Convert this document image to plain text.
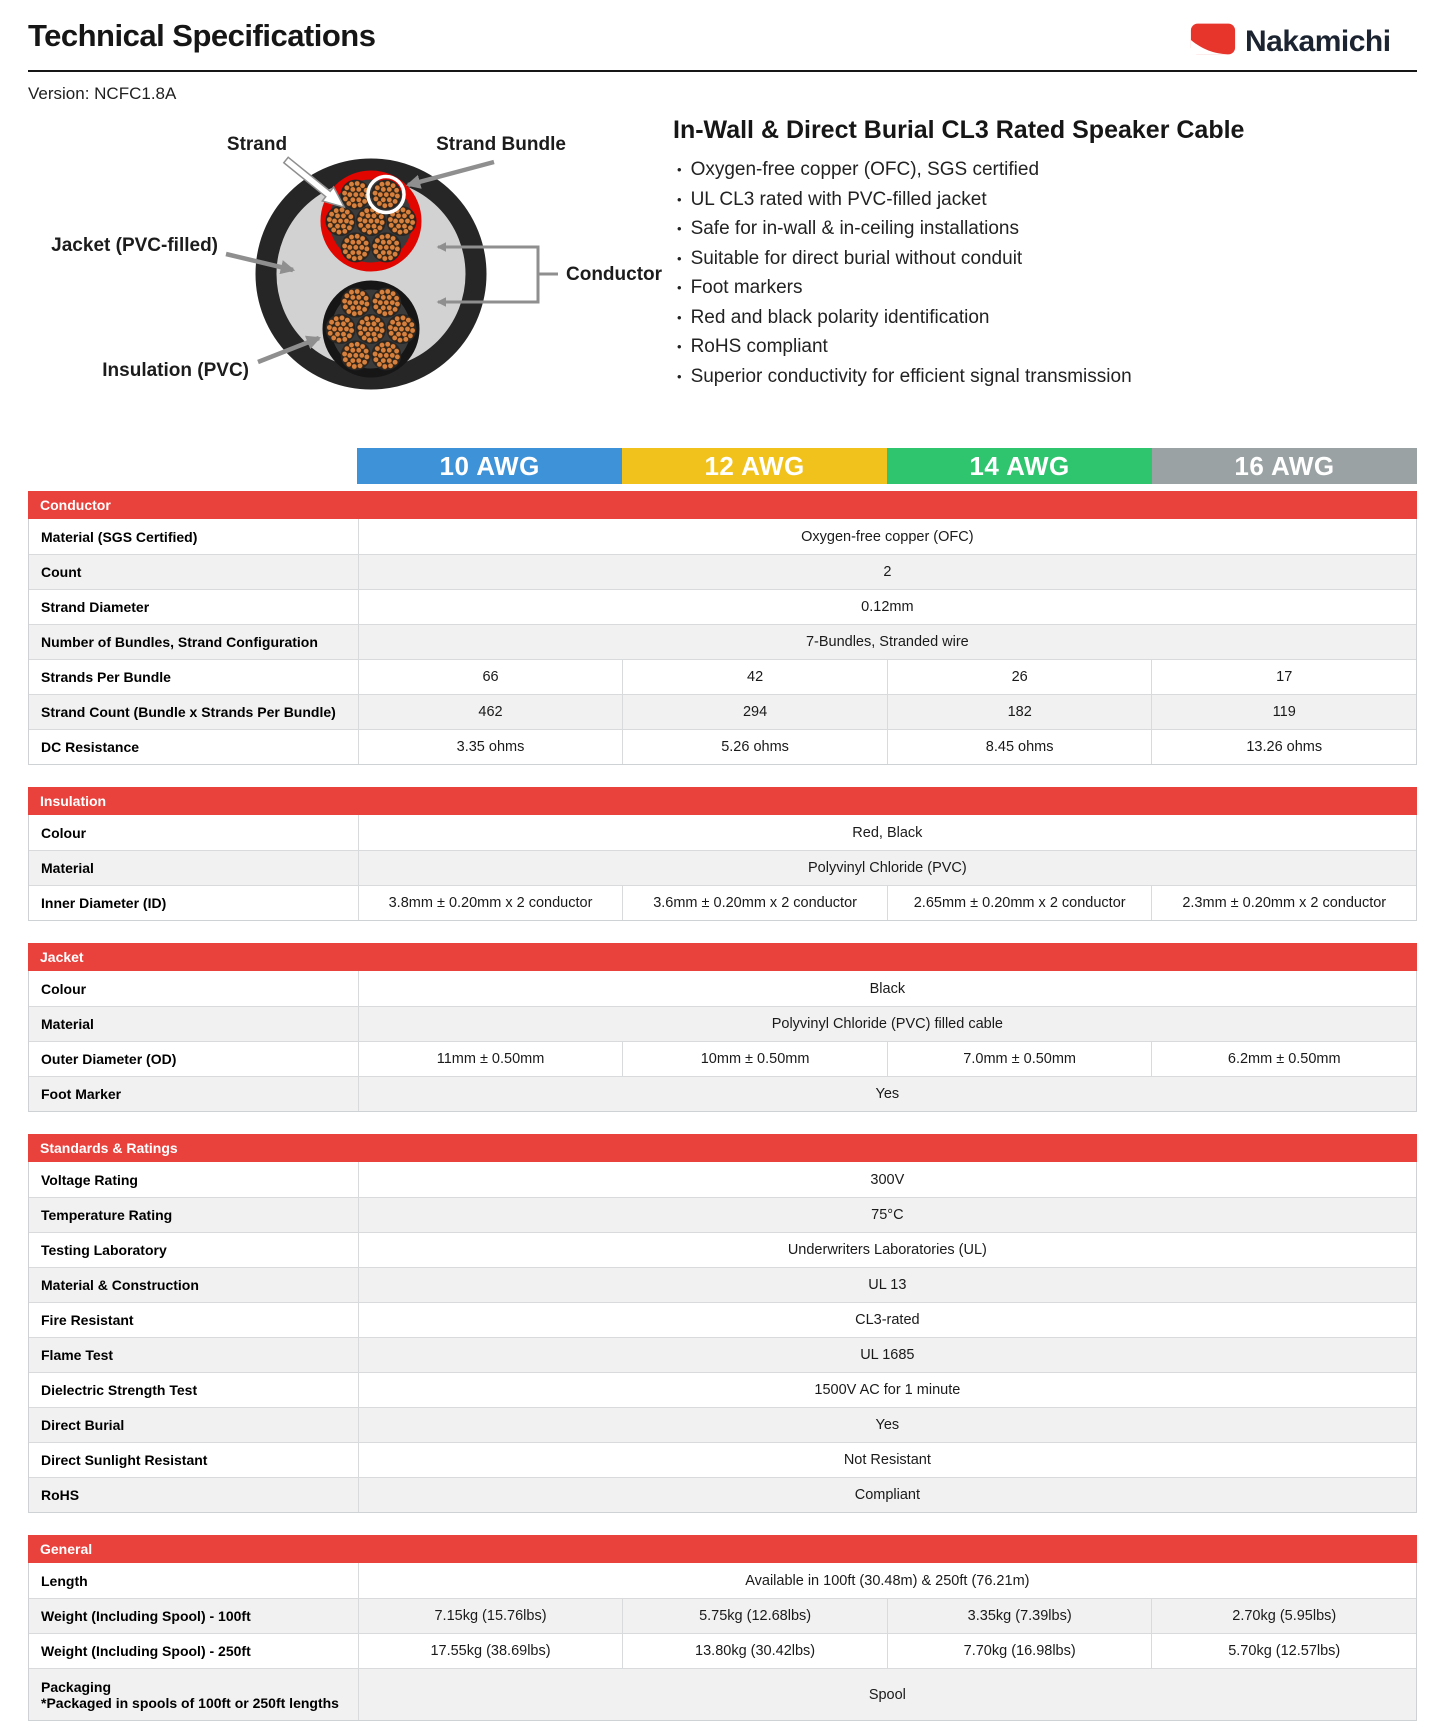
Technical Specifications	Nakamichi
Version: NCFC1.8A
Strand	Strand Bundle
Jacket (PVC-filled)
Insulation (PVC)
Conductor
In-Wall & Direct Burial CL3 Rated Speaker Cable
• Oxygen-free copper (OFC), SGS certified
• UL CL3 rated with PVC-filled jacket
• Safe for in-wall & in-ceiling installations
• Suitable for direct burial without conduit
• Foot markers
• Red and black polarity identification
• RoHS compliant
• Superior conductivity for efficient signal transmission
10 AWG	12 AWG	14 AWG	16 AWG
Conductor
Material (SGS Certified)	Oxygen-free copper (OFC)
Count	2
Strand Diameter	0.12mm
Number of Bundles, Strand Configuration	7-Bundles, Stranded wire
Strands Per Bundle	66	42	26	17
Strand Count (Bundle x Strands Per Bundle)	462	294	182	119
DC Resistance	3.35 ohms	5.26 ohms	8.45 ohms	13.26 ohms
Insulation
Colour	Red, Black
Material	Polyvinyl Chloride (PVC)
Inner Diameter (ID)	3.8mm ± 0.20mm x 2 conductor	3.6mm ± 0.20mm x 2 conductor	2.65mm ± 0.20mm x 2 conductor	2.3mm ± 0.20mm x 2 conductor
Jacket
Colour	Black
Material	Polyvinyl Chloride (PVC) filled cable
Outer Diameter (OD)	11mm ± 0.50mm	10mm ± 0.50mm	7.0mm ± 0.50mm	6.2mm ± 0.50mm
Foot Marker	Yes
Standards & Ratings
Voltage Rating	300V
Temperature Rating	75°C
Testing Laboratory	Underwriters Laboratories (UL)
Material & Construction	UL 13
Fire Resistant	CL3-rated
Flame Test	UL 1685
Dielectric Strength Test	1500V AC for 1 minute
Direct Burial	Yes
Direct Sunlight Resistant	Not Resistant
RoHS	Compliant
General
Length	Available in 100ft (30.48m) & 250ft (76.21m)
Weight (Including Spool) - 100ft	7.15kg (15.76lbs)	5.75kg (12.68lbs)	3.35kg (7.39lbs)	2.70kg (5.95lbs)
Weight (Including Spool) - 250ft	17.55kg (38.69lbs)	13.80kg (30.42lbs)	7.70kg (16.98lbs)	5.70kg (12.57lbs)
Packaging
*Packaged in spools of 100ft or 250ft lengths	Spool
